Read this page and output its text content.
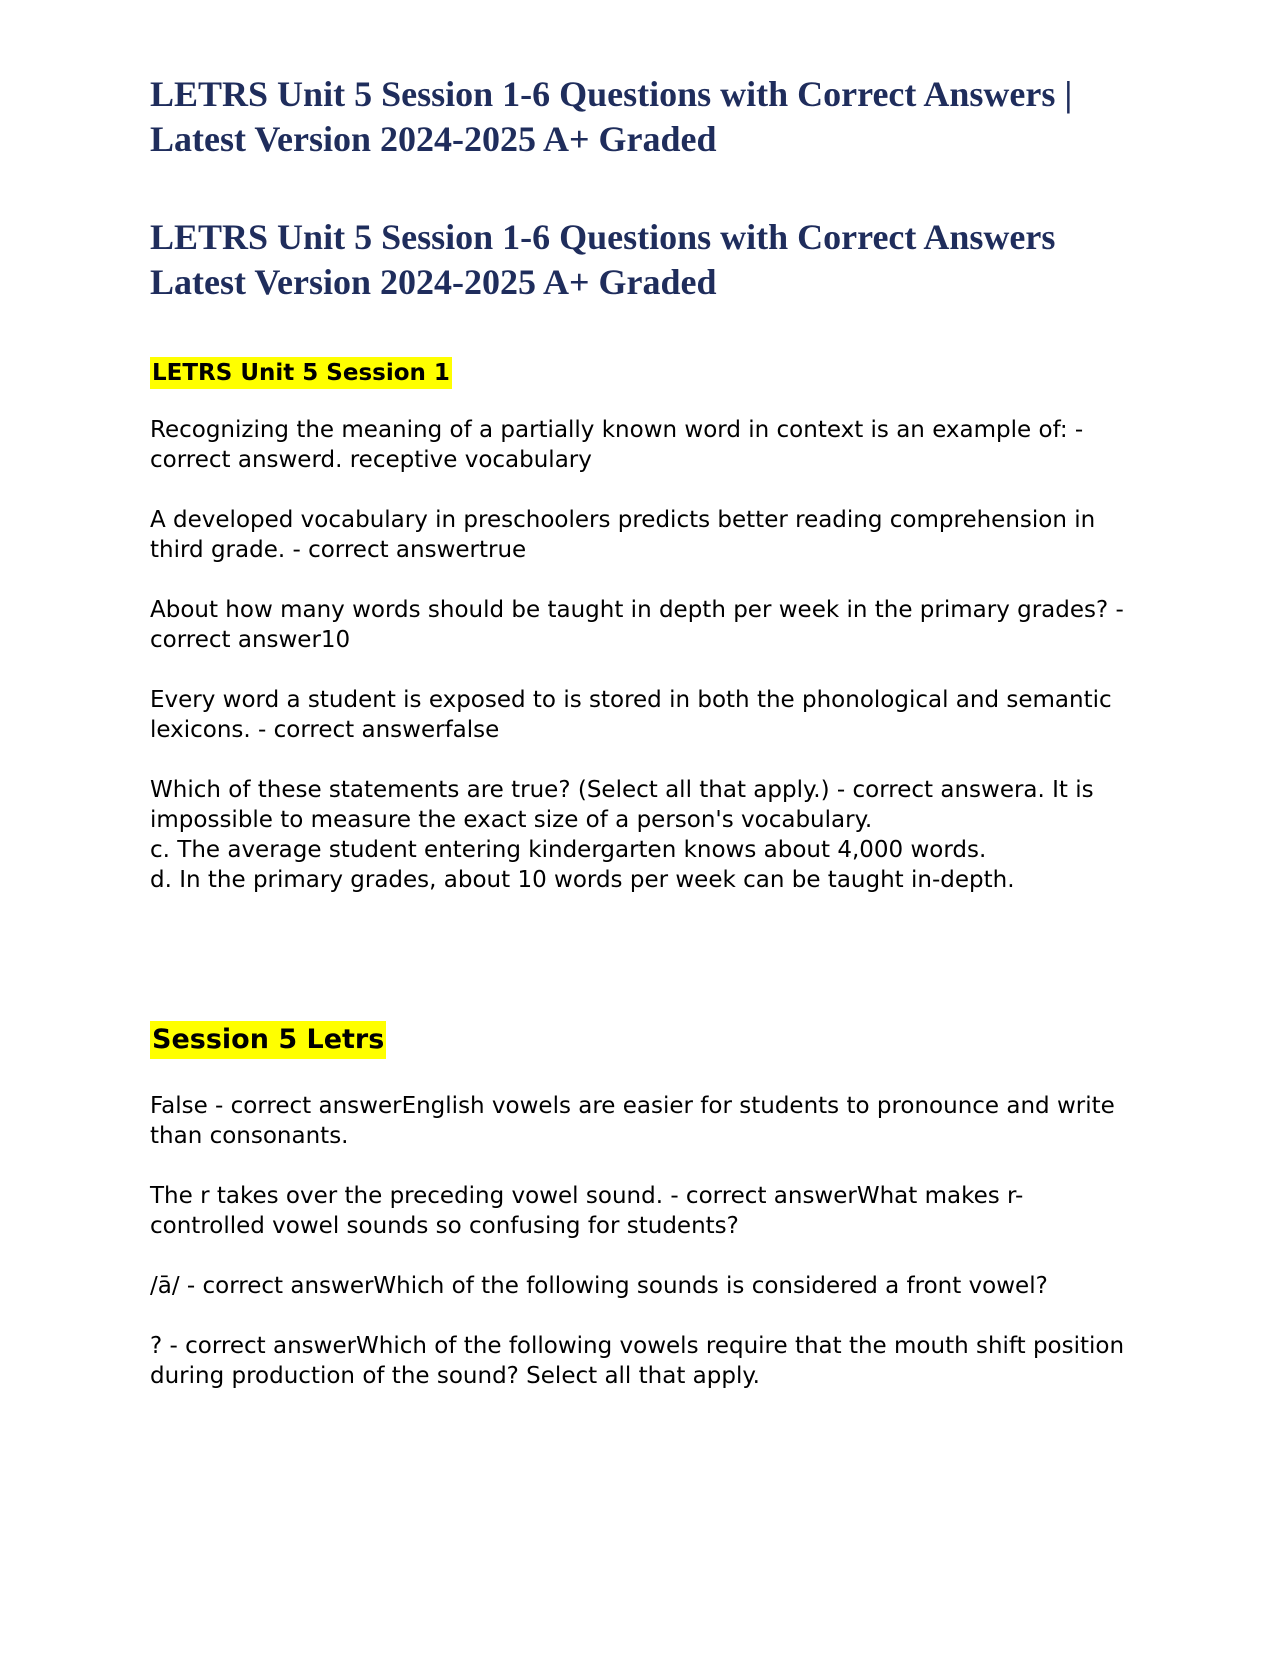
LETRS Unit 5 Session 1-6 Questions with Correct Answers | Latest Version 2024-2025 A+ Graded
LETRS Unit 5 Session 1-6 Questions with Correct Answers Latest Version 2024-2025 A+ Graded
LETRS Unit 5 Session 1
Recognizing the meaning of a partially known word in context is an example of: - correct answerd. receptive vocabulary
A developed vocabulary in preschoolers predicts better reading comprehension in third grade. - correct answertrue
About how many words should be taught in depth per week in the primary grades? - correct answer10
Every word a student is exposed to is stored in both the phonological and semantic lexicons. - correct answerfalse
Which of these statements are true? (Select all that apply.) - correct answera. It is impossible to measure the exact size of a person's vocabulary.
c. The average student entering kindergarten knows about 4,000 words.
d. In the primary grades, about 10 words per week can be taught in-depth.
Session 5 Letrs
False - correct answerEnglish vowels are easier for students to pronounce and write than consonants.
The r takes over the preceding vowel sound. - correct answerWhat makes r-controlled vowel sounds so confusing for students?
/ā/ - correct answerWhich of the following sounds is considered a front vowel?
? - correct answerWhich of the following vowels require that the mouth shift position during production of the sound? Select all that apply.
